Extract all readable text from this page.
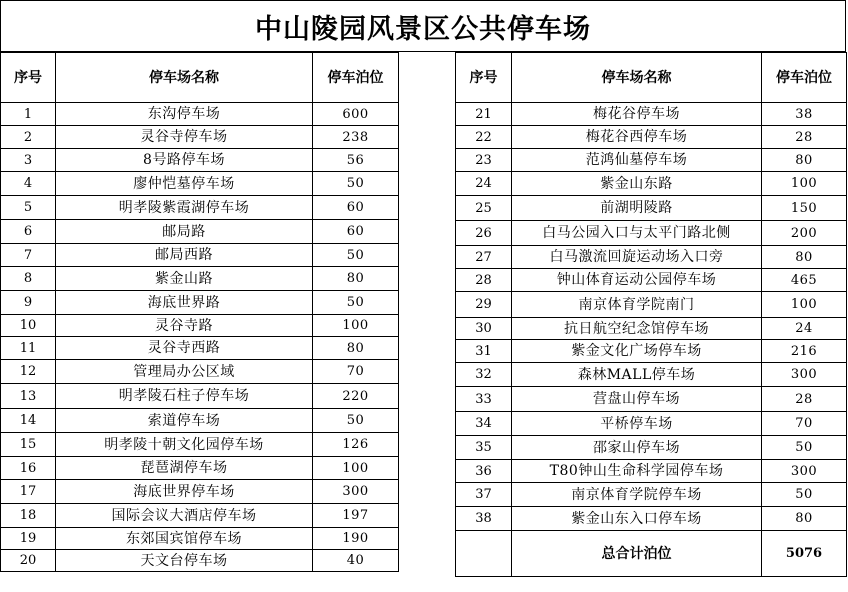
中山陵园风景区公共停车场
序号	停车场名称	停车泊位
1	东沟停车场	600
2	灵谷寺停车场	238
3	8号路停车场	56
4	廖仲恺墓停车场	50
5	明孝陵紫霞湖停车场	60
6	邮局路	60
7	邮局西路	50
8	紫金山路	80
9	海底世界路	50
10	灵谷寺路	100
11	灵谷寺西路	80
12	管理局办公区域	70
13	明孝陵石柱子停车场	220
14	索道停车场	50
15	明孝陵十朝文化园停车场	126
16	琵琶湖停车场	100
17	海底世界停车场	300
18	国际会议大酒店停车场	197
19	东郊国宾馆停车场	190
20	天文台停车场	40
序号	停车场名称	停车泊位
21	梅花谷停车场	38
22	梅花谷西停车场	28
23	范鸿仙墓停车场	80
24	紫金山东路	100
25	前湖明陵路	150
26	白马公园入口与太平门路北侧	200
27	白马激流回旋运动场入口旁	80
28	钟山体育运动公园停车场	465
29	南京体育学院南门	100
30	抗日航空纪念馆停车场	24
31	紫金文化广场停车场	216
32	森林MALL停车场	300
33	营盘山停车场	28
34	平桥停车场	70
35	邵家山停车场	50
36	T80钟山生命科学园停车场	300
37	南京体育学院停车场	50
38	紫金山东入口停车场	80
	总合计泊位	5076
